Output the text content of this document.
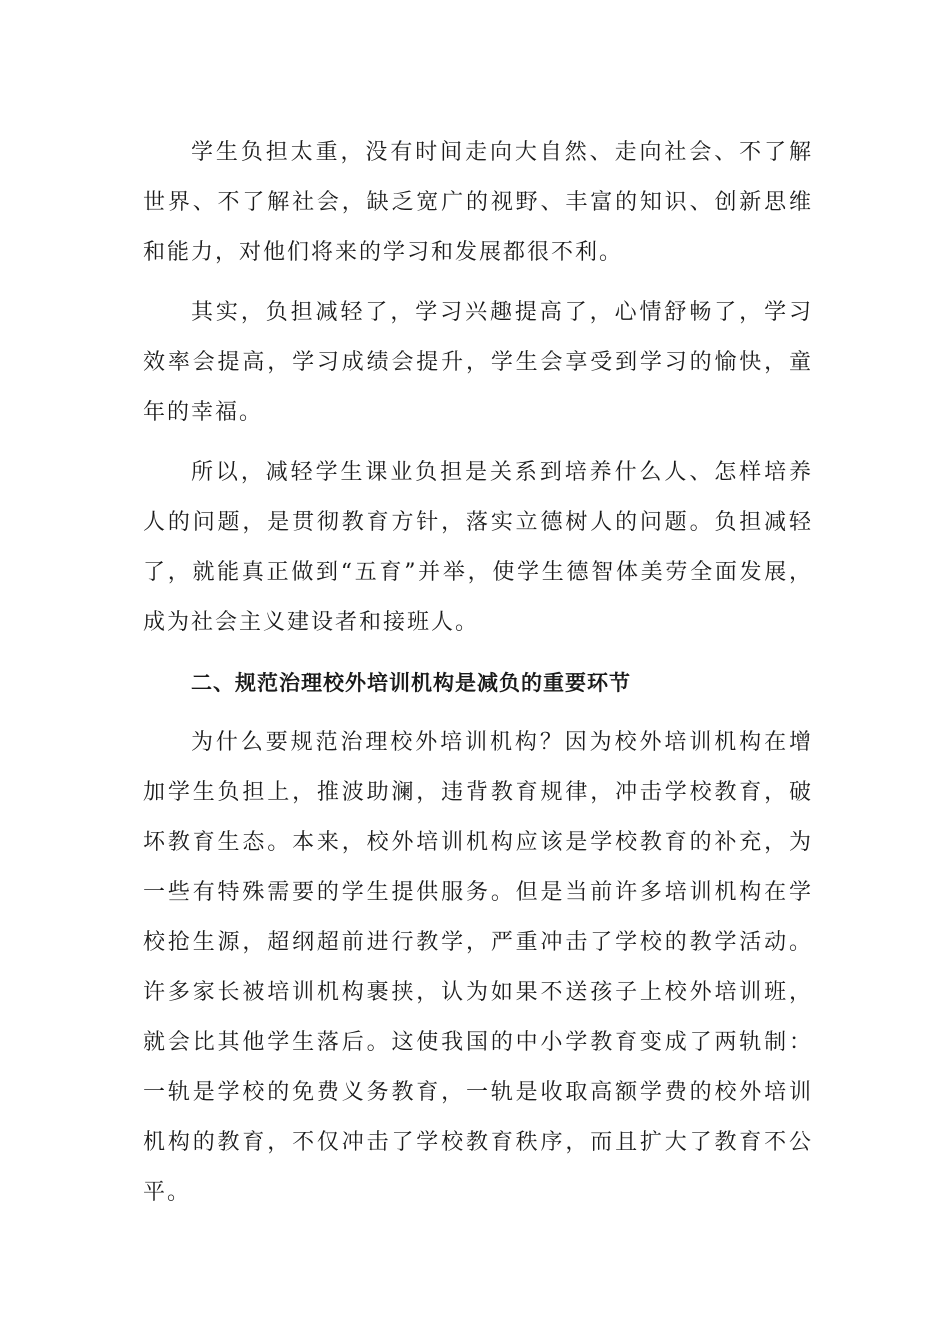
学生负担太重，没有时间走向大自然、走向社会、不了解世界、不了解社会，缺乏宽广的视野、丰富的知识、创新思维和能力，对他们将来的学习和发展都很不利。

其实，负担减轻了，学习兴趣提高了，心情舒畅了，学习效率会提高，学习成绩会提升，学生会享受到学习的愉快，童年的幸福。

所以，减轻学生课业负担是关系到培养什么人、怎样培养人的问题，是贯彻教育方针，落实立德树人的问题。负担减轻了，就能真正做到“五育”并举，使学生德智体美劳全面发展，成为社会主义建设者和接班人。

二、规范治理校外培训机构是减负的重要环节

为什么要规范治理校外培训机构？因为校外培训机构在增加学生负担上，推波助澜，违背教育规律，冲击学校教育，破坏教育生态。本来，校外培训机构应该是学校教育的补充，为一些有特殊需要的学生提供服务。但是当前许多培训机构在学校抢生源，超纲超前进行教学，严重冲击了学校的教学活动。许多家长被培训机构裹挟，认为如果不送孩子上校外培训班，就会比其他学生落后。这使我国的中小学教育变成了两轨制：一轨是学校的免费义务教育，一轨是收取高额学费的校外培训机构的教育，不仅冲击了学校教育秩序，而且扩大了教育不公平。
